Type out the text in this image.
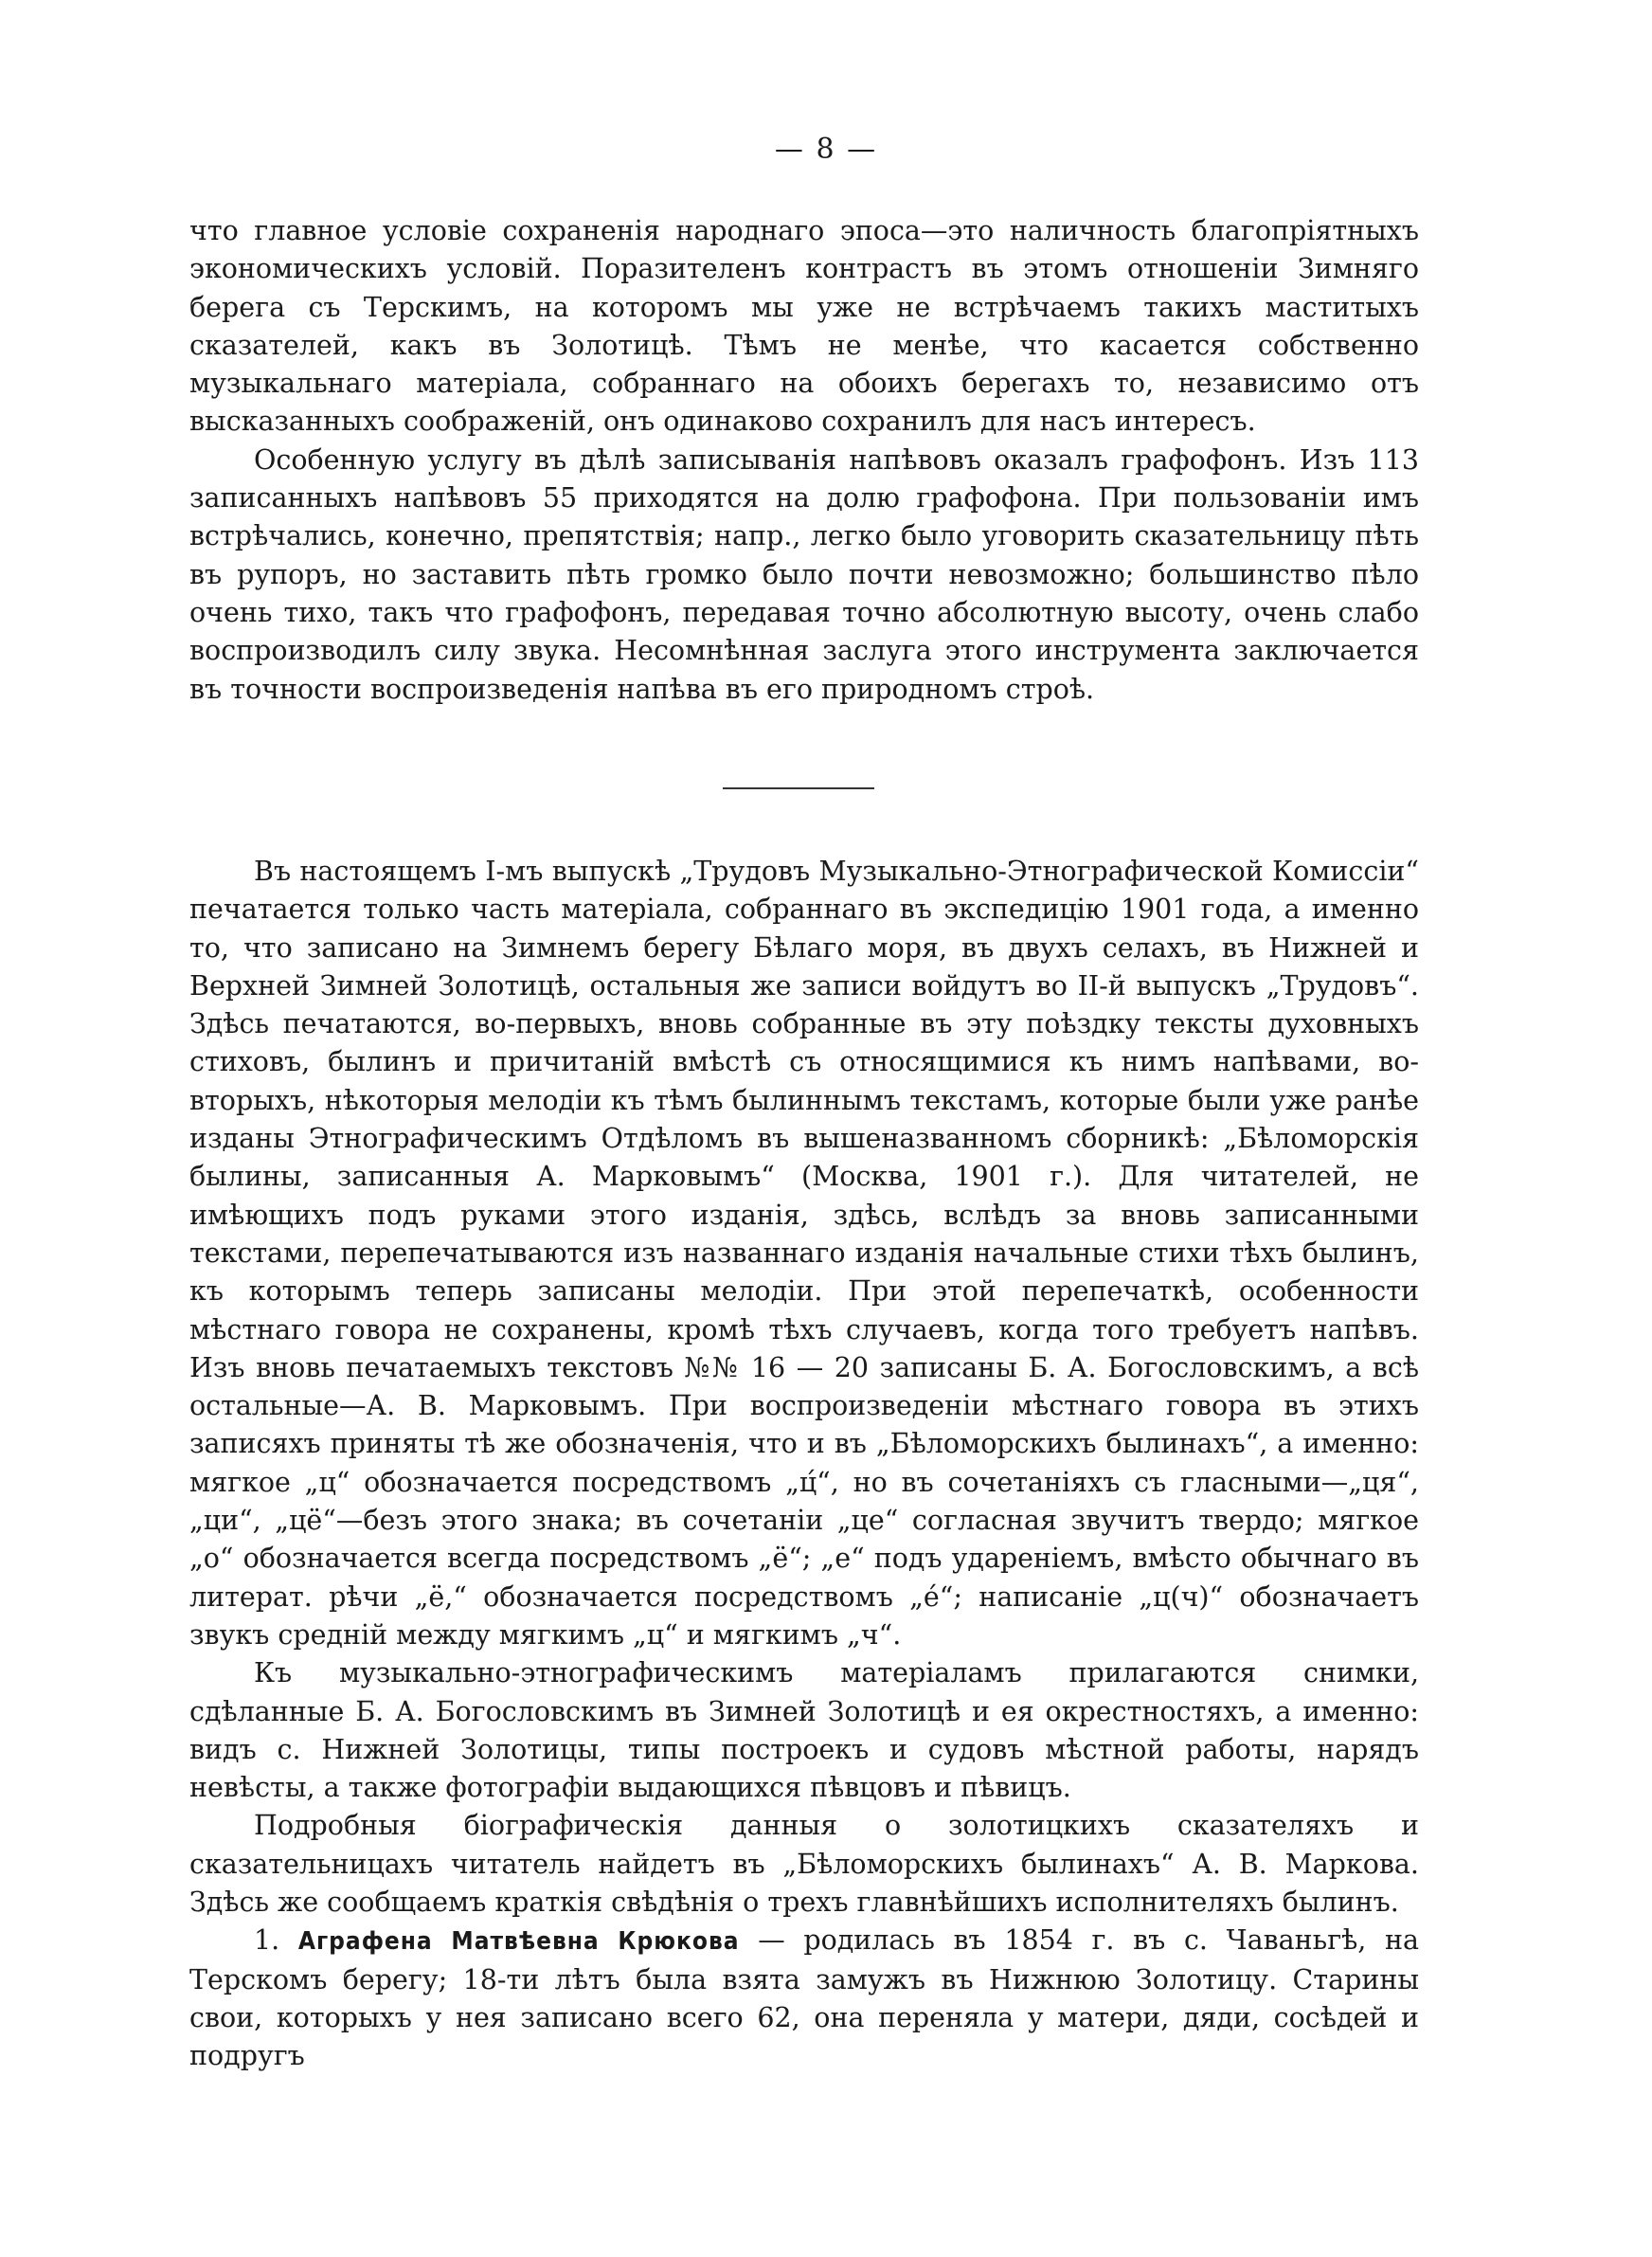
— 8 —

что главное условіе сохраненія народнаго эпоса—это наличность благопріятныхъ экономическихъ условій. Поразителенъ контрастъ въ этомъ отношеніи Зимняго берега съ Терскимъ, на которомъ мы уже не встрѣчаемъ такихъ маститыхъ сказателей, какъ въ Золотицѣ. Тѣмъ не менѣе, что касается собственно музыкальнаго матеріала, собраннаго на обоихъ берегахъ то, независимо отъ высказанныхъ соображеній, онъ одинаково сохранилъ для насъ интересъ.

Особенную услугу въ дѣлѣ записыванія напѣвовъ оказалъ графофонъ. Изъ 113 записанныхъ напѣвовъ 55 приходятся на долю графофона. При пользованіи имъ встрѣчались, конечно, препятствія; напр., легко было уговорить сказательницу пѣть въ рупоръ, но заставить пѣть громко было почти невозможно; большинство пѣло очень тихо, такъ что графофонъ, передавая точно абсолютную высоту, очень слабо воспроизводилъ силу звука. Несомнѣнная заслуга этого инструмента заключается въ точности воспроизведенія напѣва въ его природномъ строѣ.

Въ настоящемъ I-мъ выпускѣ „Трудовъ Музыкально-Этнографической Комиссіи“ печатается только часть матеріала, собраннаго въ экспедицію 1901 года, а именно то, что записано на Зимнемъ берегу Бѣлаго моря, въ двухъ селахъ, въ Нижней и Верхней Зимней Золотицѣ, остальныя же записи войдутъ во II-й выпускъ „Трудовъ“. Здѣсь печатаются, во-первыхъ, вновь собранные въ эту поѣздку тексты духовныхъ стиховъ, былинъ и причитаній вмѣстѣ съ относящимися къ нимъ напѣвами, во-вторыхъ, нѣкоторыя мелодіи къ тѣмъ былиннымъ текстамъ, которые были уже ранѣе изданы Этнографическимъ Отдѣломъ въ вышеназванномъ сборникѣ: „Бѣломорскія былины, записанныя А. Марковымъ“ (Москва, 1901 г.). Для читателей, не имѣющихъ подъ руками этого изданія, здѣсь, вслѣдъ за вновь записанными текстами, перепечатываются изъ названнаго изданія начальные стихи тѣхъ былинъ, къ которымъ теперь записаны мелодіи. При этой перепечаткѣ, особенности мѣстнаго говора не сохранены, кромѣ тѣхъ случаевъ, когда того требуетъ напѣвъ. Изъ вновь печатаемыхъ текстовъ №№ 16 — 20 записаны Б. А. Богословскимъ, а всѣ остальные—А. В. Марковымъ. При воспроизведеніи мѣстнаго говора въ этихъ записяхъ приняты тѣ же обозначенія, что и въ „Бѣломорскихъ былинахъ“, а именно: мягкое „ц“ обозначается посредствомъ „ц́“, но въ сочетаніяхъ съ гласными—„ця“, „ци“, „цё“—безъ этого знака; въ сочетаніи „це“ согласная звучитъ твердо; мягкое „о“ обозначается всегда посредствомъ „ё“; „е“ подъ удареніемъ, вмѣсто обычнаго въ литерат. рѣчи „ё,“ обозначается посредствомъ „é“; написаніе „ц(ч)“ обозначаетъ звукъ средній между мягкимъ „ц“ и мягкимъ „ч“.

Къ музыкально-этнографическимъ матеріаламъ прилагаются снимки, сдѣланные Б. А. Богословскимъ въ Зимней Золотицѣ и ея окрестностяхъ, а именно: видъ с. Нижней Золотицы, типы построекъ и судовъ мѣстной работы, нарядъ невѣсты, а также фотографіи выдающихся пѣвцовъ и пѣвицъ.

Подробныя біографическія данныя о золотицкихъ сказателяхъ и сказательницахъ читатель найдетъ въ „Бѣломорскихъ былинахъ“ А. В. Маркова. Здѣсь же сообщаемъ краткія свѣдѣнія о трехъ главнѣйшихъ исполнителяхъ былинъ.

1. Аграфена Матвѣевна Крюкова — родилась въ 1854 г. въ с. Чаваньгѣ, на Терскомъ берегу; 18-ти лѣтъ была взята замужъ въ Нижнюю Золотицу. Старины свои, которыхъ у нея записано всего 62, она переняла у матери, дяди, сосѣдей и подругъ
